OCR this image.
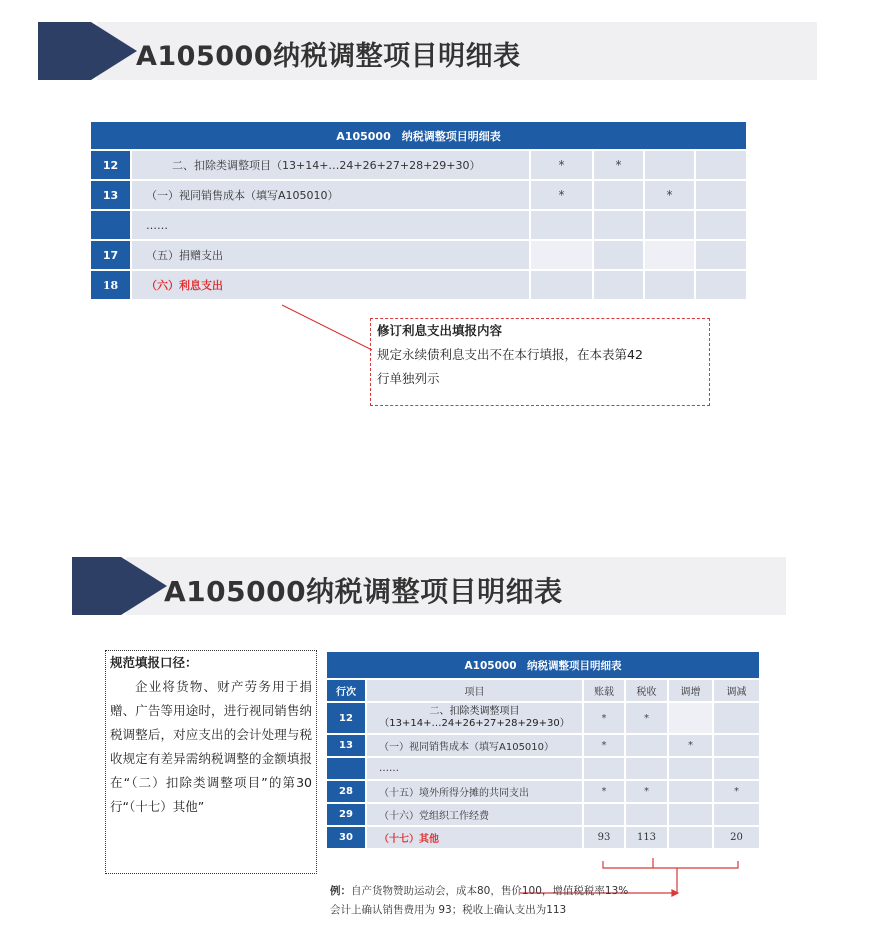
A105000纳税调整项目明细表
A105000　纳税调整项目明细表					
12	二、扣除类调整项目（13+14+…24+26+27+28+29+30）	*	*		
13	（一）视同销售成本（填写A105010）	*		*	
	……				
17	（五）捐赠支出				
18	（六）利息支出				
修订利息支出填报内容
规定永续债利息支出不在本行填报，在本表第42
行单独列示
A105000纳税调整项目明细表
规范填报口径：
企业将货物、财产劳务用于捐赠、广告等用途时，进行视同销售纳税调整后，对应支出的会计处理与税收规定有差异需纳税调整的金额填报在“（二）扣除类调整项目”的第30行“（十七）其他”
A105000　纳税调整项目明细表					
行次	项目	账载	税收	调增	调减
12	二、扣除类调整项目
（13+14+…24+26+27+28+29+30）	*	*		
13	（一）视同销售成本（填写A105010）	*		*	
	……				
28	（十五）境外所得分摊的共同支出	*	*		*
29	（十六）党组织工作经费				
30	（十七）其他	93	113		20
例：自产货物赞助运动会，成本80，售价100，增值税税率13%
会计上确认销售费用为 93；税收上确认支出为113
